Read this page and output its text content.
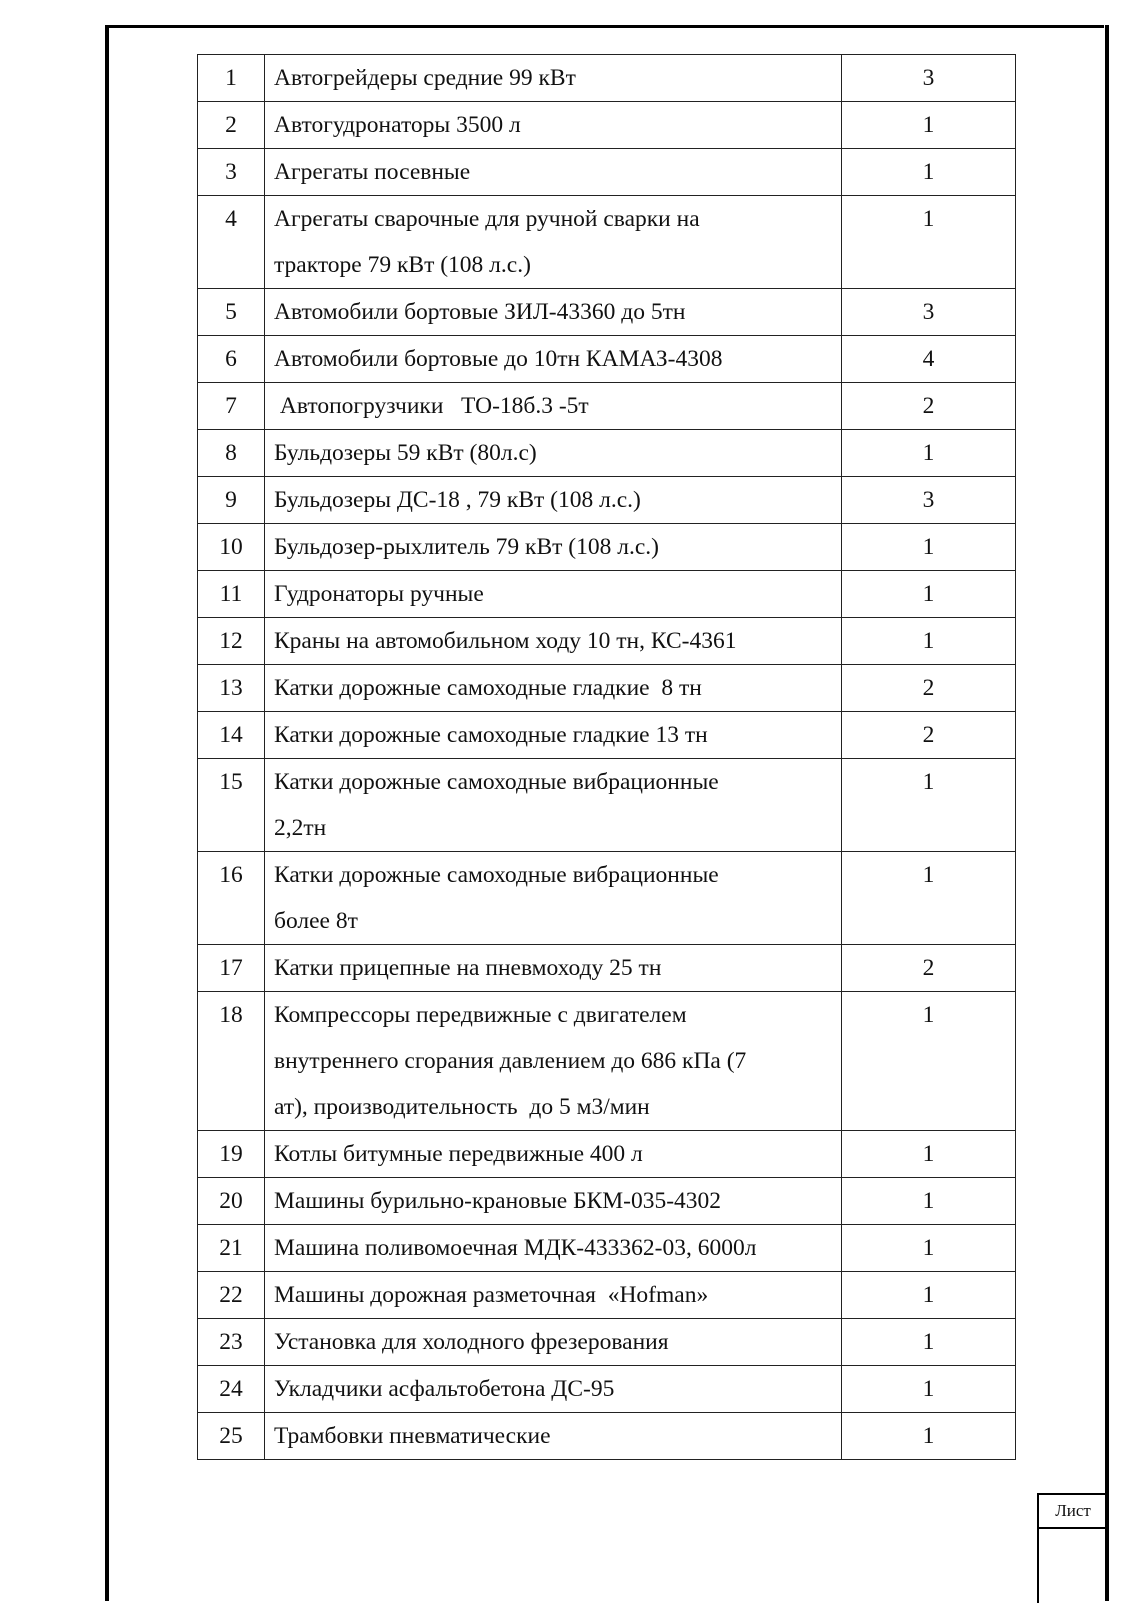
1	Автогрейдеры средние 99 кВт	3
2	Автогудронаторы 3500 л	1
3	Агрегаты посевные	1
4	Агрегаты сварочные для ручной сварки на
тракторе 79 кВт (108 л.с.)	1
5	Автомобили бортовые ЗИЛ-43360 до 5тн	3
6	Автомобили бортовые до 10тн КАМАЗ-4308	4
7	Автопогрузчики   ТО-18б.3 -5т	2
8	Бульдозеры 59 кВт (80л.с)	1
9	Бульдозеры ДС-18 , 79 кВт (108 л.с.)	3
10	Бульдозер-рыхлитель 79 кВт (108 л.с.)	1
11	Гудронаторы ручные	1
12	Краны на автомобильном ходу 10 тн, КС-4361	1
13	Катки дорожные самоходные гладкие  8 тн	2
14	Катки дорожные самоходные гладкие 13 тн	2
15	Катки дорожные самоходные вибрационные
2,2тн	1
16	Катки дорожные самоходные вибрационные
более 8т	1
17	Катки прицепные на пневмоходу 25 тн	2
18	Компрессоры передвижные с двигателем
внутреннего сгорания давлением до 686 кПа (7
ат), производительность  до 5 м3/мин	1
19	Котлы битумные передвижные 400 л	1
20	Машины бурильно-крановые БКМ-035-4302	1
21	Машина поливомоечная МДК-433362-03, 6000л	1
22	Машины дорожная разметочная  «Hofman»	1
23	Установка для холодного фрезерования	1
24	Укладчики асфальтобетона ДС-95	1
25	Трамбовки пневматические	1
Лист
